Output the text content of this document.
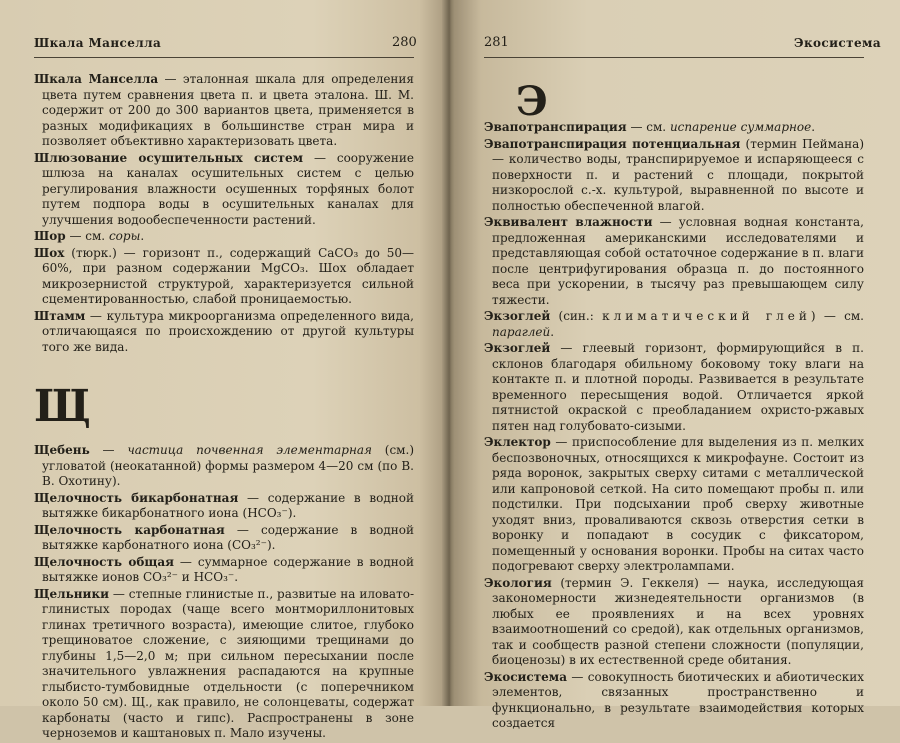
Шкала Манселла	280

Шкала Манселла — эталонная шкала для определения цвета путем сравнения цвета п. и цвета эталона. Ш. М. содержит от 200 до 300 вариантов цвета, применяется в разных модификациях в большинстве стран мира и позволяет объективно характеризовать цвета.

Шлюзование осушительных систем — сооружение шлюза на каналах осушительных систем с целью регулирования влажности осушенных торфяных болот путем подпора воды в осушительных каналах для улучшения водообеспеченности растений.

Шор — см. соры.

Шох (тюрк.) — горизонт п., содержащий CaCO₃ до 50—60%, при разном содержании MgCO₃. Шох обладает микрозернистой структурой, характеризуется сильной сцементированностью, слабой проницаемостью.

Штамм — культура микроорганизма определенного вида, отличающаяся по происхождению от другой культуры того же вида.

Щ

Щебень — частица почвенная элементарная (см.) угловатой (неокатанной) формы размером 4—20 см (по В. В. Охотину).

Щелочность бикарбонатная — содержание в водной вытяжке бикарбонатного иона (HCO₃⁻).

Щелочность карбонатная — содержание в водной вытяжке карбонатного иона (CO₃²⁻).

Щелочность общая — суммарное содержание в водной вытяжке ионов CO₃²⁻ и HCO₃⁻.

Щельники — степные глинистые п., развитые на иловато-глинистых породах (чаще всего монтмориллонитовых глинах третичного возраста), имеющие слитое, глубоко трещиноватое сложение, с зияющими трещинами до глубины 1,5—2,0 м; при сильном пересыхании после значительного увлажнения распадаются на крупные глыбисто-тумбовидные отдельности (с поперечником около 50 см). Щ., как правило, не солонцеваты, содержат карбонаты (часто и гипс). Распространены в зоне черноземов и каштановых п. Мало изучены.

281	Экосистема
Э

Эвапотранспирация — см. испарение суммарное.

Эвапотранспирация потенциальная (термин Пеймана) — количество воды, транспирируемое и испаряющееся с поверхности п. и растений с площади, покрытой низкорослой с.-х. культурой, выравненной по высоте и полностью обеспеченной влагой.

Эквивалент влажности — условная водная константа, предложенная американскими исследователями и представляющая собой остаточное содержание в п. влаги после центрифугирования образца п. до постоянного веса при ускорении, в тысячу раз превышающем силу тяжести.

Экзоглей (син.: климатический глей) — см. параглей.

Экзоглей — глеевый горизонт, формирующийся в п. склонов благодаря обильному боковому току влаги на контакте п. и плотной породы. Развивается в результате временного пересыщения водой. Отличается яркой пятнистой окраской с преобладанием охристо-ржавых пятен над голубовато-сизыми.

Эклектор — приспособление для выделения из п. мелких беспозвоночных, относящихся к микрофауне. Состоит из ряда воронок, закрытых сверху ситами с металлической или капроновой сеткой. На сито помещают пробы п. или подстилки. При подсыхании проб сверху животные уходят вниз, проваливаются сквозь отверстия сетки в воронку и попадают в сосудик с фиксатором, помещенный у основания воронки. Пробы на ситах часто подогревают сверху электролампами.

Экология (термин Э. Геккеля) — наука, исследующая закономерности жизнедеятельности организмов (в любых ее проявлениях и на всех уровнях взаимоотношений со средой), как отдельных организмов, так и сообществ разной степени сложности (популяции, биоценозы) в их естественной среде обитания.

Экосистема — совокупность биотических и абиотических элементов, связанных пространственно и функционально, в результате взаимодействия которых создается
